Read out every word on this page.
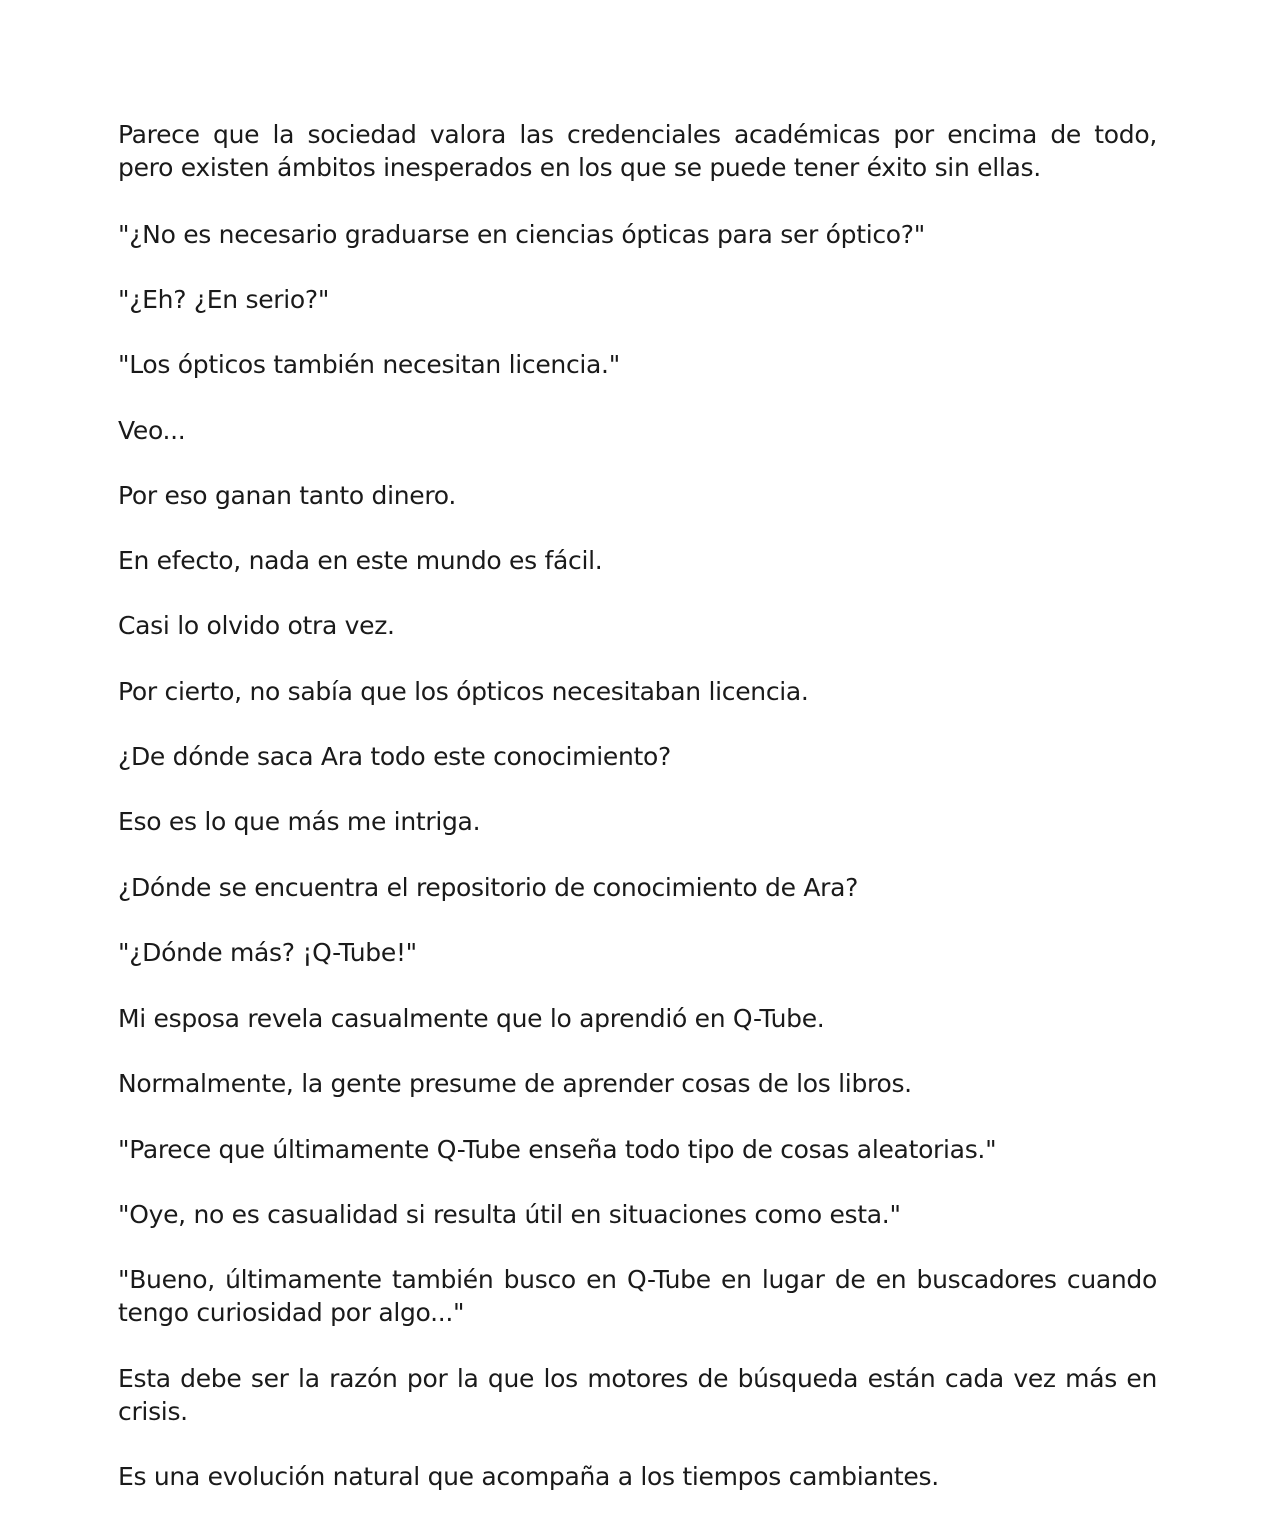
Parece que la sociedad valora las credenciales académicas por encima de todo, pero existen ámbitos inesperados en los que se puede tener éxito sin ellas.

"¿No es necesario graduarse en ciencias ópticas para ser óptico?"

"¿Eh? ¿En serio?"

"Los ópticos también necesitan licencia."

Veo...

Por eso ganan tanto dinero.

En efecto, nada en este mundo es fácil.

Casi lo olvido otra vez.

Por cierto, no sabía que los ópticos necesitaban licencia.

¿De dónde saca Ara todo este conocimiento?

Eso es lo que más me intriga.

¿Dónde se encuentra el repositorio de conocimiento de Ara?

"¿Dónde más? ¡Q-Tube!"

Mi esposa revela casualmente que lo aprendió en Q-Tube.

Normalmente, la gente presume de aprender cosas de los libros.

"Parece que últimamente Q-Tube enseña todo tipo de cosas aleatorias."

"Oye, no es casualidad si resulta útil en situaciones como esta."

"Bueno, últimamente también busco en Q-Tube en lugar de en buscadores cuando tengo curiosidad por algo..."

Esta debe ser la razón por la que los motores de búsqueda están cada vez más en crisis.

Es una evolución natural que acompaña a los tiempos cambiantes.
